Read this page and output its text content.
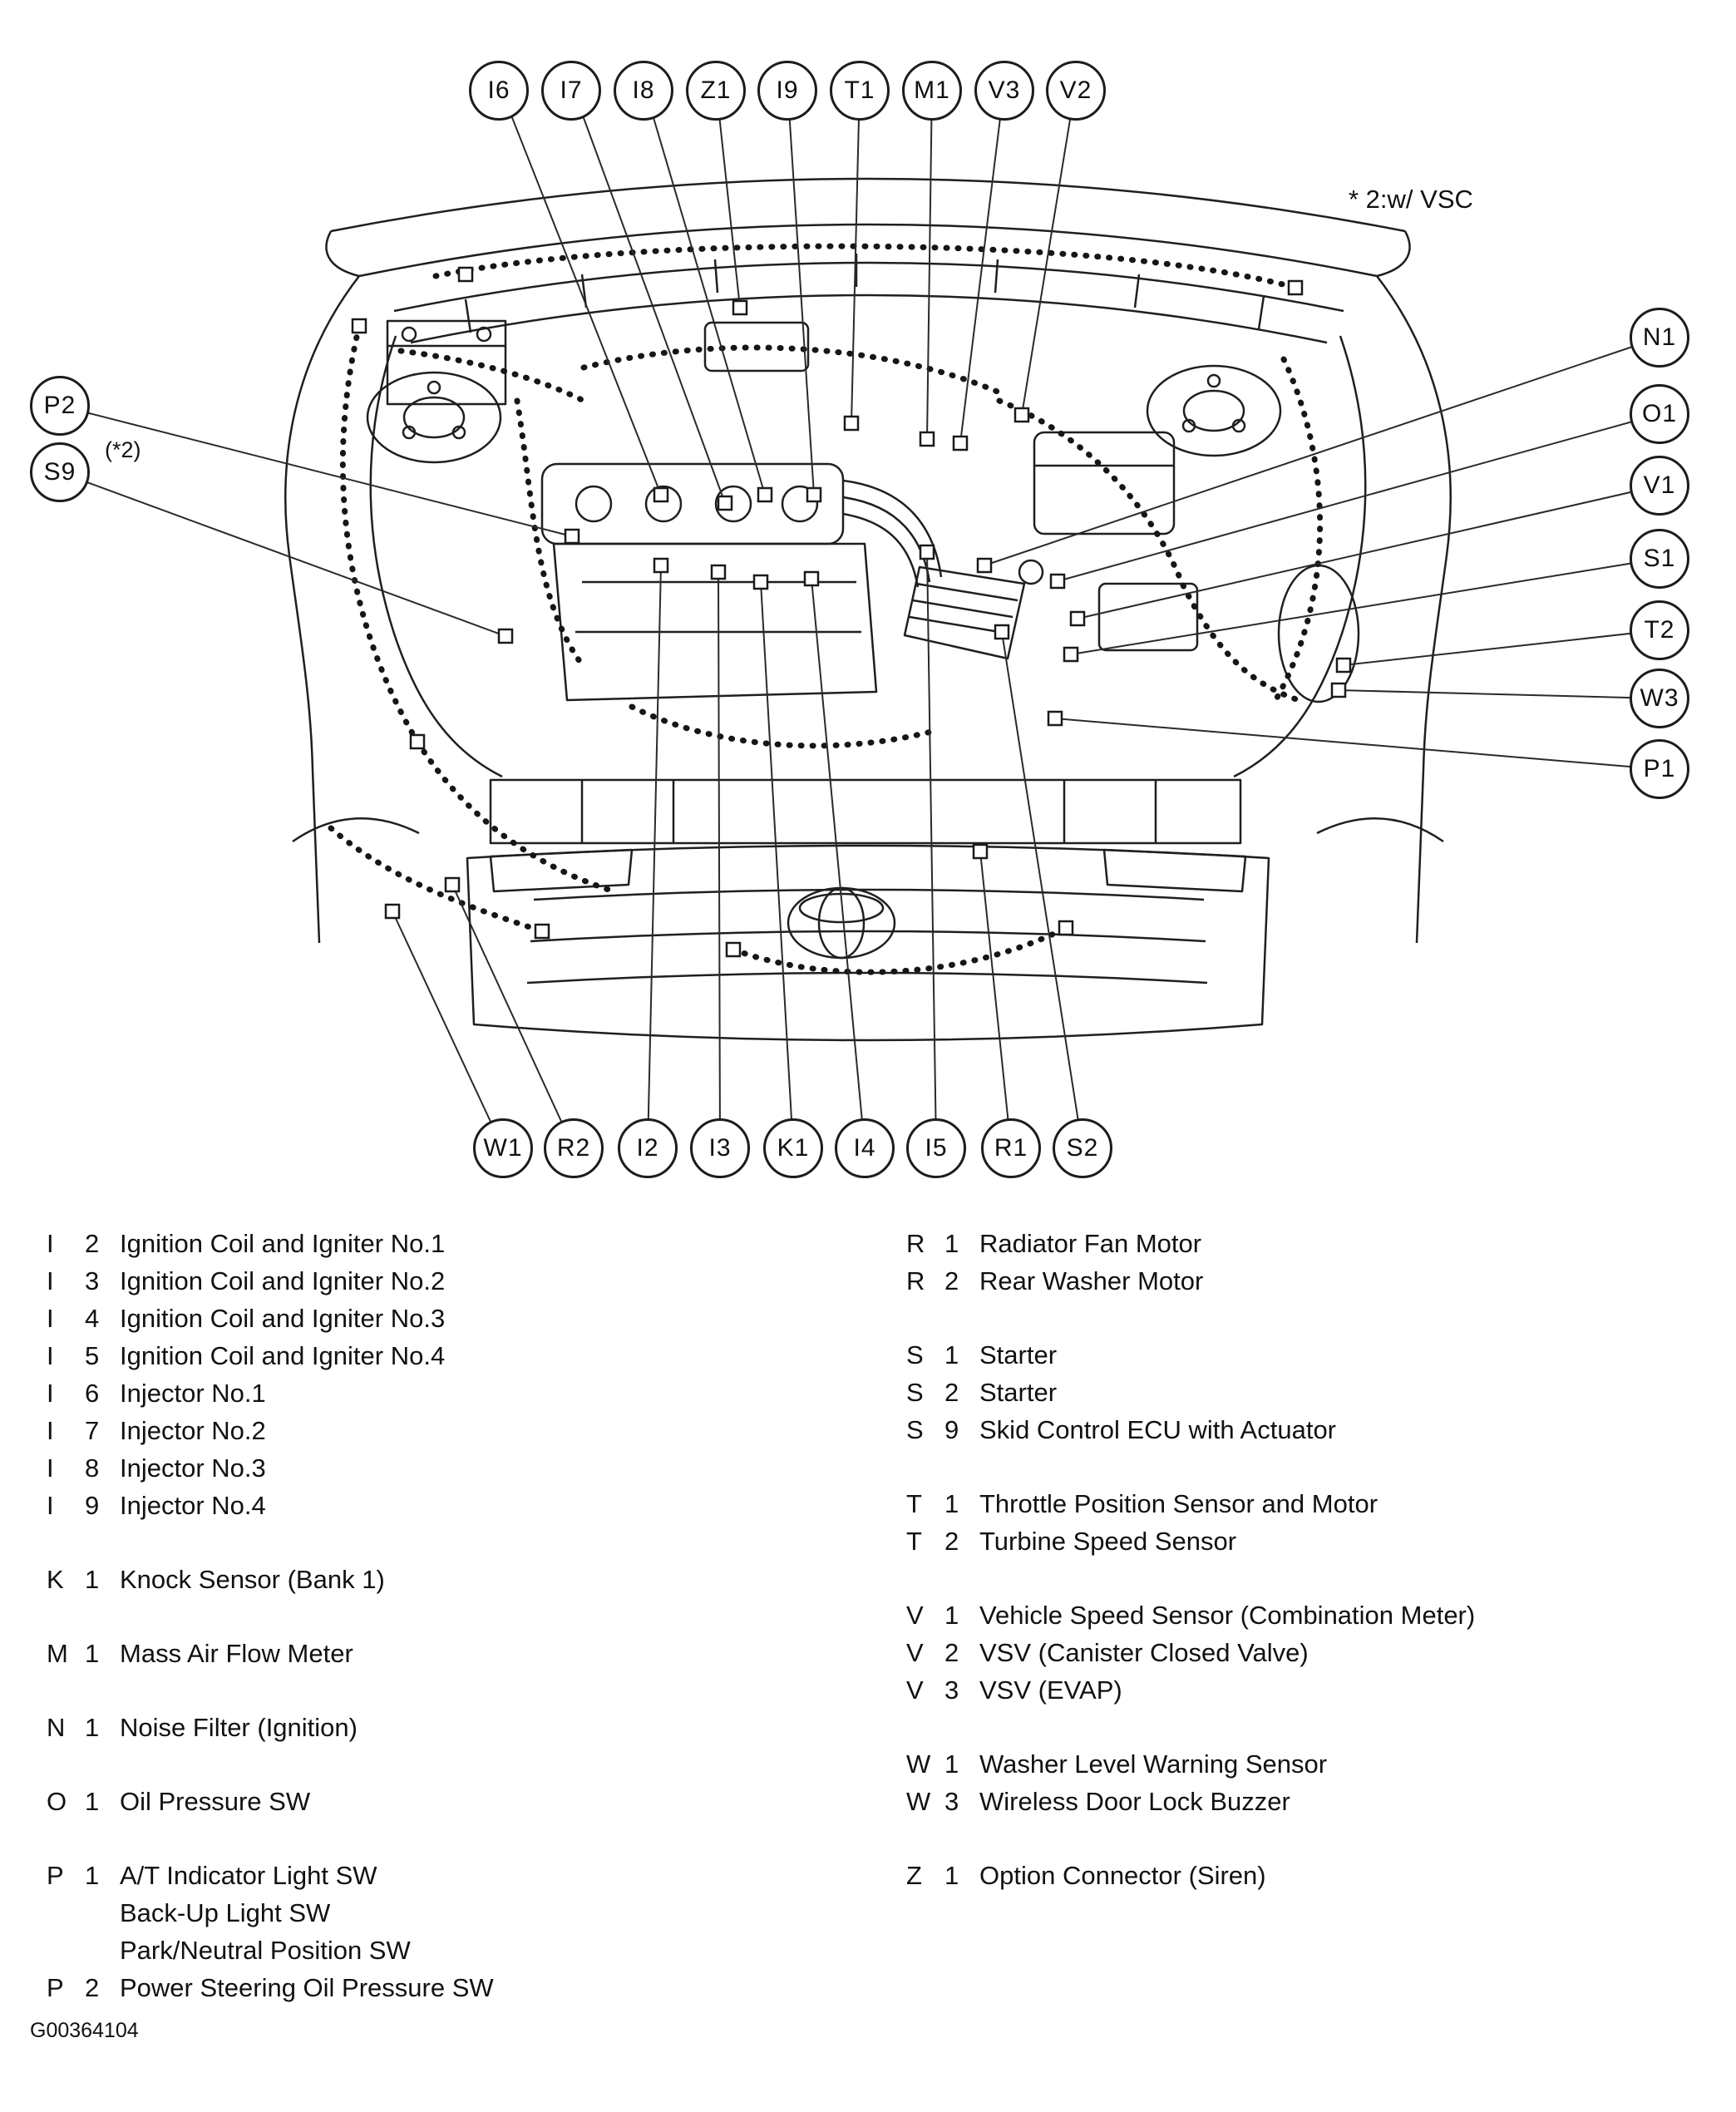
I6 I7 I8 Z1 I9 T1 M1 V3 V2
N1
O1
V1
S1
T2
W3
P1
P2
S9
(*2)
W1 R2 I2 I3 K1 I4 I5 R1 S2
* 2:w/ VSC
I	2 Ignition Coil and Igniter No.1
I	3 Ignition Coil and Igniter No.2
I	4 Ignition Coil and Igniter No.3
I	5 Ignition Coil and Igniter No.4
I	6 Injector No.1
I	7 Injector No.2
I	8 Injector No.3
I	9 Injector No.4
K 1 Knock Sensor (Bank 1)
M 1 Mass Air Flow Meter
N 1 Noise Filter (Ignition)
O 1 Oil Pressure SW
P 1 A/T Indicator Light SW
Back-Up Light SW
Park/Neutral Position SW
P 2 Power Steering Oil Pressure SW
R 1 Radiator Fan Motor
R 2 Rear Washer Motor
S 1 Starter
S 2 Starter
S 9 Skid Control ECU with Actuator
T 1 Throttle Position Sensor and Motor
T 2 Turbine Speed Sensor
V 1 Vehicle Speed Sensor (Combination Meter)
V 2 VSV (Canister Closed Valve)
V 3 VSV (EVAP)
W 1 Washer Level Warning Sensor
W 3 Wireless Door Lock Buzzer
Z 1 Option Connector (Siren)
G00364104
